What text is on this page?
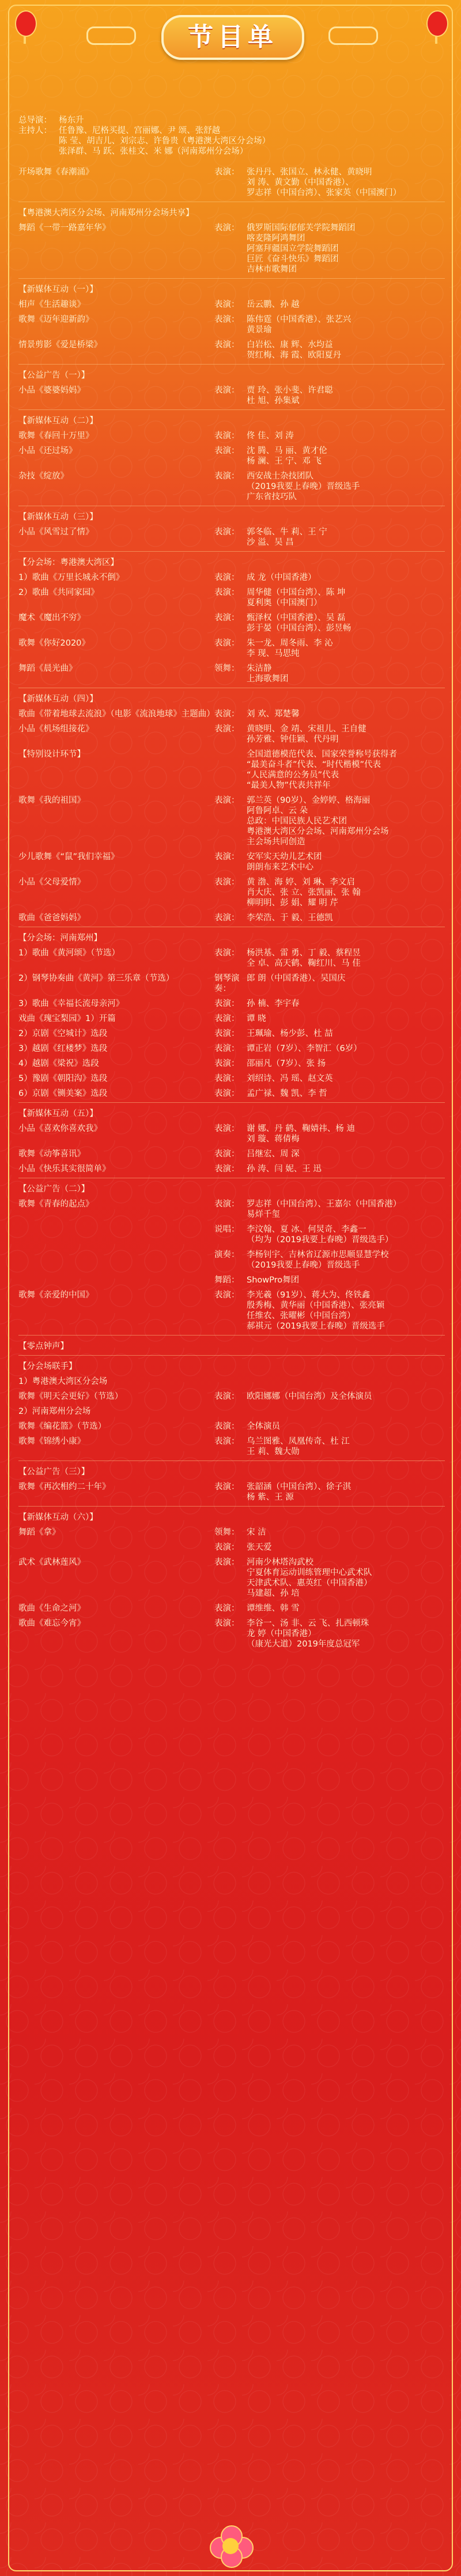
节目单
总导演： 杨东升
主持人： 任鲁豫、尼格买提、宫丽娜、尹 颂、张舒越
陈 莹、胡吉儿、刘宗志、许鲁贵（粤港澳大湾区分会场）
张泽群、马 跃、张桂文、米 娜（河南郑州分会场）
开场歌舞《春潮涌》	表演： 张丹丹、张国立、林永健、黄晓明
刘 涛、黄文勤（中国香港）、
罗志祥（中国台湾）、张家英（中国澳门）
【粤港澳大湾区分会场、河南郑州分会场共享】
舞蹈《一带一路嘉年华》	表演： 俄罗斯国际郁郁芙学院舞蹈团
喀麦隆阿鸿舞团
阿塞拜疆国立学院舞蹈团
巨匠《奋斗快乐》舞蹈团
吉林市歌舞团
【新媒体互动（一）】
相声《生活趣谈》	表演： 岳云鹏、孙 越
歌舞《迈年迎新韵》	表演： 陈伟霆（中国香港）、张艺兴
黄景瑜
情景剪影《爱是桥梁》	表演： 白岩松、康 辉、水均益
贺红梅、海 霞、欧阳夏丹
【公益广告（一）】
小品《婆婆妈妈》	表演： 贾 玲、张小斐、许君聪
杜 旭、孙集斌
【新媒体互动（二）】
歌舞《春回十万里》	表演： 佟 佳、刘 涛
小品《还过场》	表演： 沈 腾、马 丽、黄才伦
杨 澜、王 宁、邓 飞
杂技《绽放》	表演： 西安战士杂技团队
（2019我要上春晚）晋级选手
广东省技巧队
【新媒体互动（三）】
小品《风雪过了情》	表演： 郭冬临、牛 莉、王 宁
沙 溢、吴 昌
【分会场：粤港澳大湾区】
1）歌曲《万里长城永不倒》	表演： 成 龙（中国香港）
2）歌曲《共同家园》	表演： 周华健（中国台湾）、陈 坤
夏利奥（中国澳门）
魔术《魔出不穷》	表演： 甄泽权（中国香港）、吴 磊
彭于晏（中国台湾）、彭昱畅
歌舞《你好2020》	表演： 朱一龙、周冬雨、李 沁
李 现、马思纯
舞蹈《晨光曲》	领舞： 朱洁静
上海歌舞团
【新媒体互动（四）】
歌曲《带着地球去流浪》（电影《流浪地球》主题曲） 表演： 刘 欢、郑楚馨
小品《机场组接花》	表演： 黄晓明、金 靖、宋祖儿、王自健
孙芳雅、钟佳颖、代丹明
【特别设计环节】	全国道德模范代表、国家荣誉称号获得者
“最美奋斗者”代表、“时代楷模”代表
“人民满意的公务员”代表
“最美人物”代表共祥年
歌舞《我的祖国》	表演： 郭兰英（90岁）、金婷婷、格海丽
阿鲁阿卓、云 朵
总政：中国民族人民艺术团
粤港澳大湾区分会场、河南郑州分会场
主会场共同创造
少儿歌舞《“鼠”我们幸福》	表演： 安军实天幼儿艺术团
朗朗布来艺术中心
小品《父母爱情》	表演： 黄 渤、海 婷、刘 琳、李文启
肖大庆、张 立、张凯丽、张 翰
柳明明、彭 娟、耀 明 芹
歌曲《爸爸妈妈》	表演： 李荣浩、于 毅、王德凯
【分会场：河南郑州】
1）歌曲《黄河颂》（节选）	表演： 杨洪基、雷 勇、丁 毅、蔡程昱
全 卓、高天鹤、鞠红川、马 佳
2）钢琴协奏曲《黄河》第三乐章（节选）	钢琴演奏：
郎 朗（中国香港）、吴国庆
3）歌曲《幸福长流母亲河》	表演： 孙 楠、李宇春
戏曲《瑰宝梨园》1）开篇	表演： 谭 晓
2）京剧《空城计》选段	表演： 王珮瑜、杨少彭、杜 喆
3）越剧《红楼梦》选段	表演： 谭正岩（7岁）、李智汇（6岁）
4）越剧《梁祝》选段	表演： 邵丽凡（7岁）、张 扬
5）豫剧《朝阳沟》选段	表演： 刘绍诗、冯 瑶、赵文英
6）京剧《铡美案》选段	表演： 孟广禄、魏 凯、李 哲
【新媒体互动（五）】
小品《喜欢你喜欢我》	表演： 谢 娜、丹 鹤、鞠婧祎、杨 迪
刘 璇、蒋倩梅
歌舞《动筝喜讯》	表演： 吕继宏、周 深
小品《快乐其实很简单》	表演： 孙 涛、闫 妮、王 迅
【公益广告（二）】
歌舞《青春的起点》	表演： 罗志祥（中国台湾）、王嘉尔（中国香港）
易烊千玺
说唱： 李汶翰、夏 冰、何炅奇、李鑫一
（均为（2019我要上春晚）晋级选手）
演奏： 李杨钊宇、吉林省辽源市思顺显慧学校
（2019我要上春晚）晋级选手
舞蹈： ShowPro舞团
歌舞《亲爱的中国》	表演： 李光羲（91岁）、蒋大为、佟铁鑫
殷秀梅、黄华丽（中国香港）、张亮颖
任维农、张曜彬（中国台湾）
郝祺元（2019我要上春晚）晋级选手
【零点钟声】
【分会场联手】
1）粤港澳大湾区分会场
歌舞《明天会更好》（节选）	表演： 欧阳娜娜（中国台湾）及全体演员
2）河南郑州分会场
歌舞《编花篮》（节选）	表演： 全体演员
歌舞《锦绣小康》	表演： 乌兰图雅、凤凰传奇、杜 江
王 莉、魏大勋
【公益广告（三）】
歌舞《再次相约二十年》	表演： 张韶涵（中国台湾）、徐子淇
杨 紫、王 源
【新媒体互动（六）】
舞蹈《拿》	领舞： 宋 洁
表演： 张天爱
武术《武林莲风》	表演： 河南少林塔沟武校
宁夏体育运动训练管理中心武术队
天津武术队、惠英红（中国香港）
马建超、孙 培
歌曲《生命之河》	表演： 谭维维、韩 雪
歌曲《难忘今宵》	表演： 李谷一、汤 非、云 飞、扎西顿珠
龙 婷（中国香港）
（康光大道）2019年度总冠军
